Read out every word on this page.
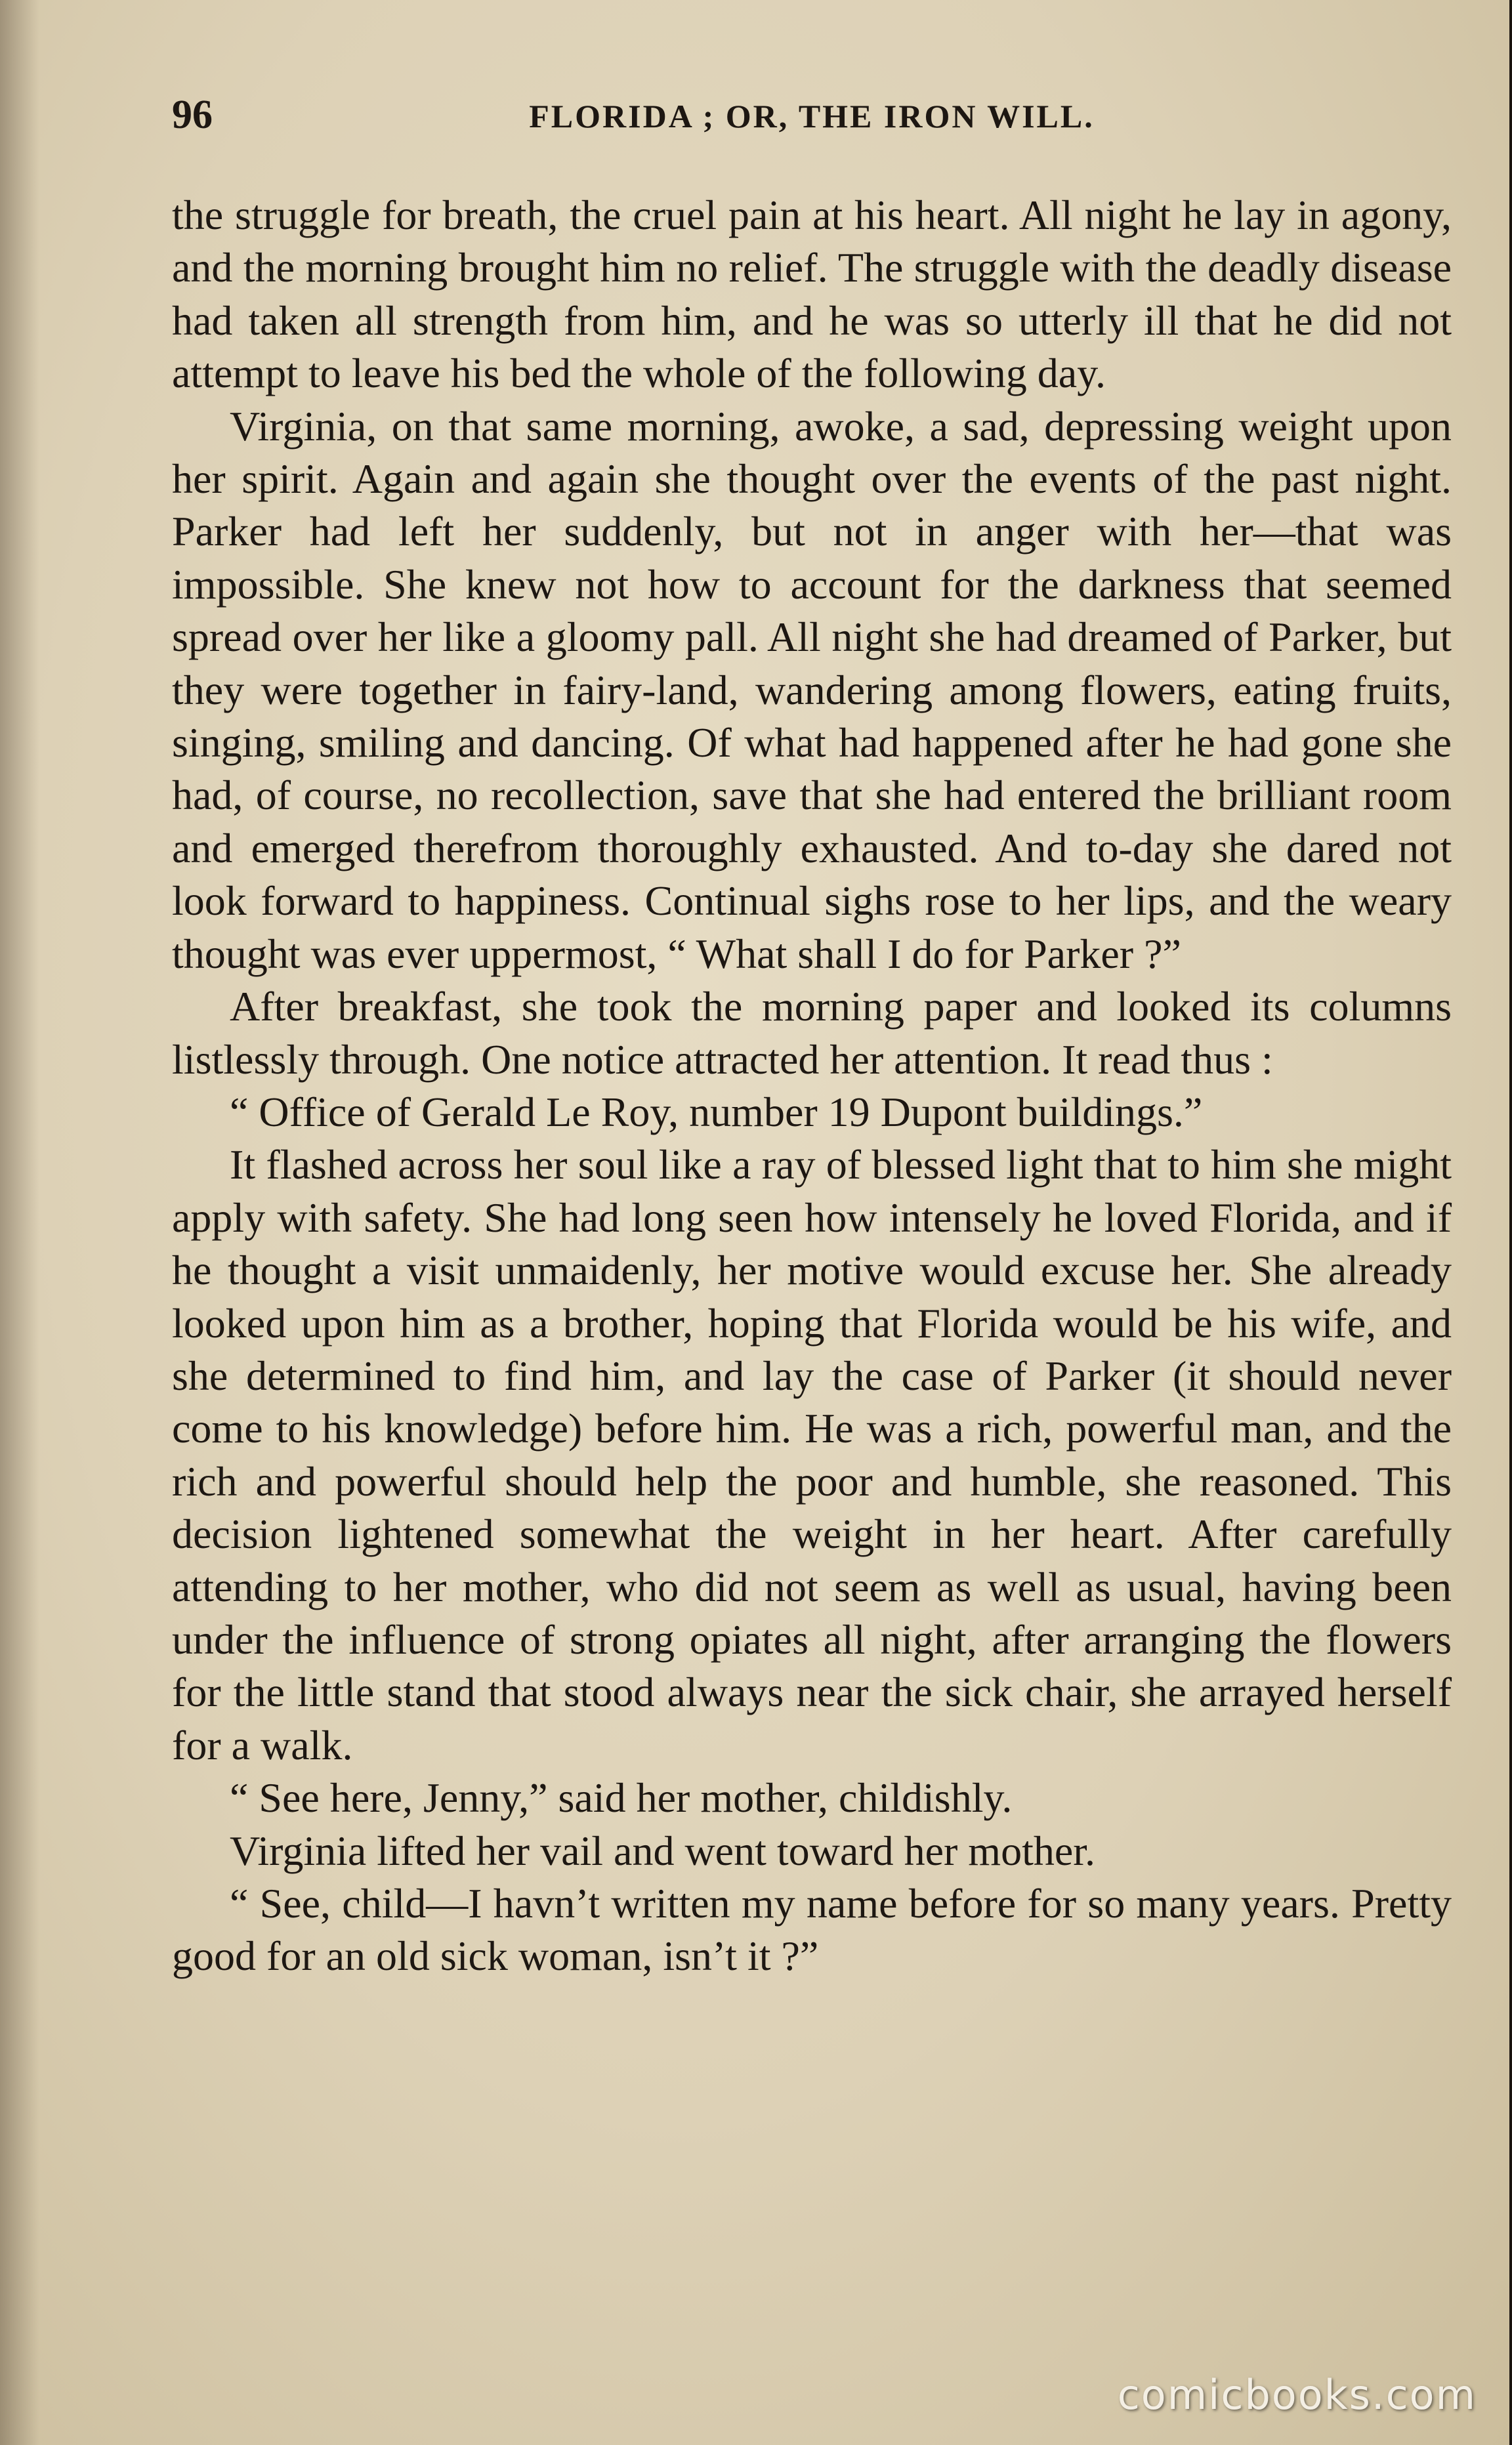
96	FLORIDA ; OR, THE IRON WILL.

the struggle for breath, the cruel pain at his heart. All night he lay in agony, and the morning brought him no relief. The struggle with the deadly disease had taken all strength from him, and he was so utterly ill that he did not attempt to leave his bed the whole of the following day.

Virginia, on that same morning, awoke, a sad, depressing weight upon her spirit. Again and again she thought over the events of the past night. Parker had left her suddenly, but not in anger with her—that was impossible. She knew not how to account for the darkness that seemed spread over her like a gloomy pall. All night she had dreamed of Parker, but they were together in fairy-land, wandering among flowers, eating fruits, singing, smiling and dancing. Of what had happened after he had gone she had, of course, no recollection, save that she had entered the brilliant room and emerged therefrom thoroughly exhausted. And to-day she dared not look forward to happiness. Continual sighs rose to her lips, and the weary thought was ever uppermost, “ What shall I do for Parker ?”

After breakfast, she took the morning paper and looked its columns listlessly through. One notice attracted her attention. It read thus :

“ Office of Gerald Le Roy, number 19 Dupont buildings.”

It flashed across her soul like a ray of blessed light that to him she might apply with safety. She had long seen how intensely he loved Florida, and if he thought a visit unmaidenly, her motive would excuse her. She already looked upon him as a brother, hoping that Florida would be his wife, and she determined to find him, and lay the case of Parker (it should never come to his knowledge) before him. He was a rich, powerful man, and the rich and powerful should help the poor and humble, she reasoned. This decision lightened somewhat the weight in her heart. After carefully attending to her mother, who did not seem as well as usual, having been under the influence of strong opiates all night, after arranging the flowers for the little stand that stood always near the sick chair, she arrayed herself for a walk.

“ See here, Jenny,” said her mother, childishly.

Virginia lifted her vail and went toward her mother.

“ See, child—I havn’t written my name before for so many years. Pretty good for an old sick woman, isn’t it ?”

comicbooks.com
